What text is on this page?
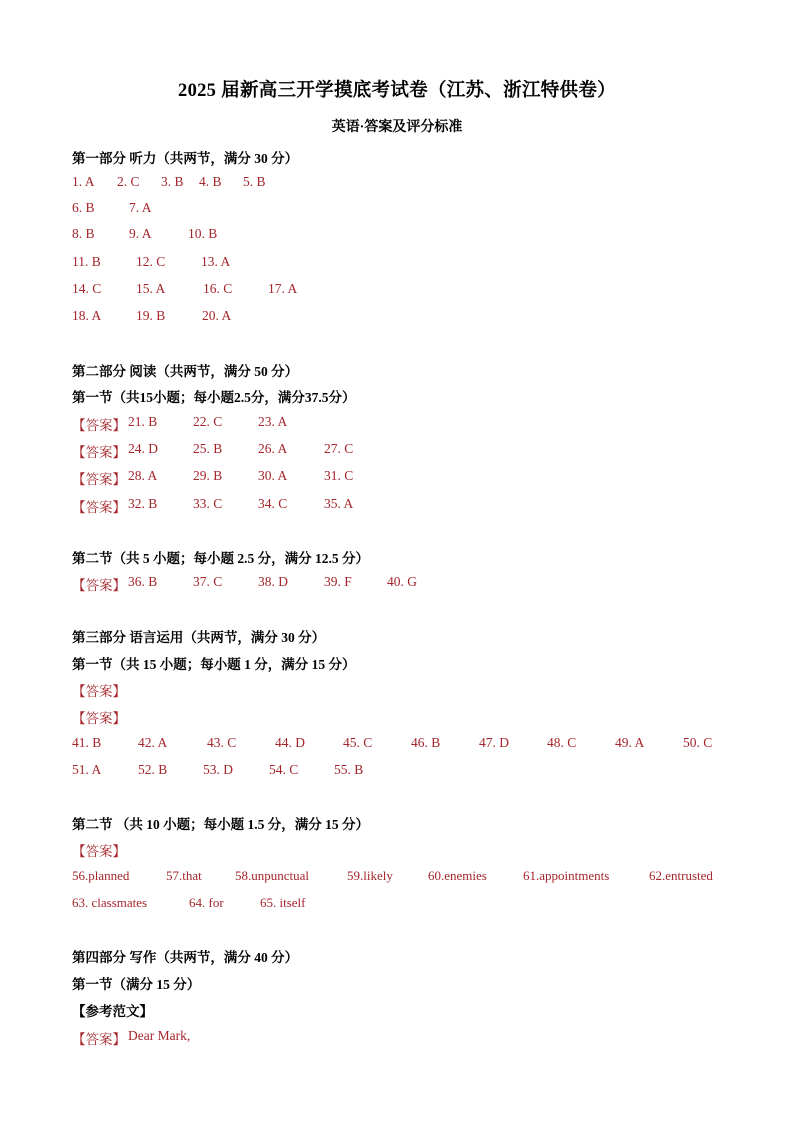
2025 届新高三开学摸底考试卷（江苏、浙江特供卷）
英语·答案及评分标准
第一部分 听力（共两节，满分 30 分）
1. A 2. C 3. B 4. B 5. B
6. B	7. A
8. B	9. A	10. B
11. B	12. C	13. A
14. C	15. A	16. C	17. A
18. A	19. B	20. A
第二部分 阅读（共两节，满分 50 分）
第一节（共15小题；每小题2.5分，满分37.5分）
【答案】 21. B	22. C	23. A
【答案】 24. D	25. B	26. A	27. C
【答案】 28. A	29. B	30. A	31. C
【答案】 32. B	33. C	34. C	35. A
第二节（共 5 小题；每小题 2.5 分，满分 12.5 分）
【答案】 36. B	37. C	38. D	39. F	40. G
第三部分 语言运用（共两节，满分 30 分）
第一节（共 15 小题；每小题 1 分，满分 15 分）
【答案】
【答案】
41. B	42. A	43. C	44. D	45. C	46. B	47. D	48. C	49. A	50. C
51. A	52. B	53. D	54. C	55. B
第二节 （共 10 小题；每小题 1.5 分，满分 15 分）
【答案】
56.planned	57.that	58.unpunctual	59.likely	60.enemies	61.appointments	62.entrusted
63. classmates	64. for	65. itself
第四部分 写作（共两节，满分 40 分）
第一节（满分 15 分）
【参考范文】
【答案】 Dear Mark,
